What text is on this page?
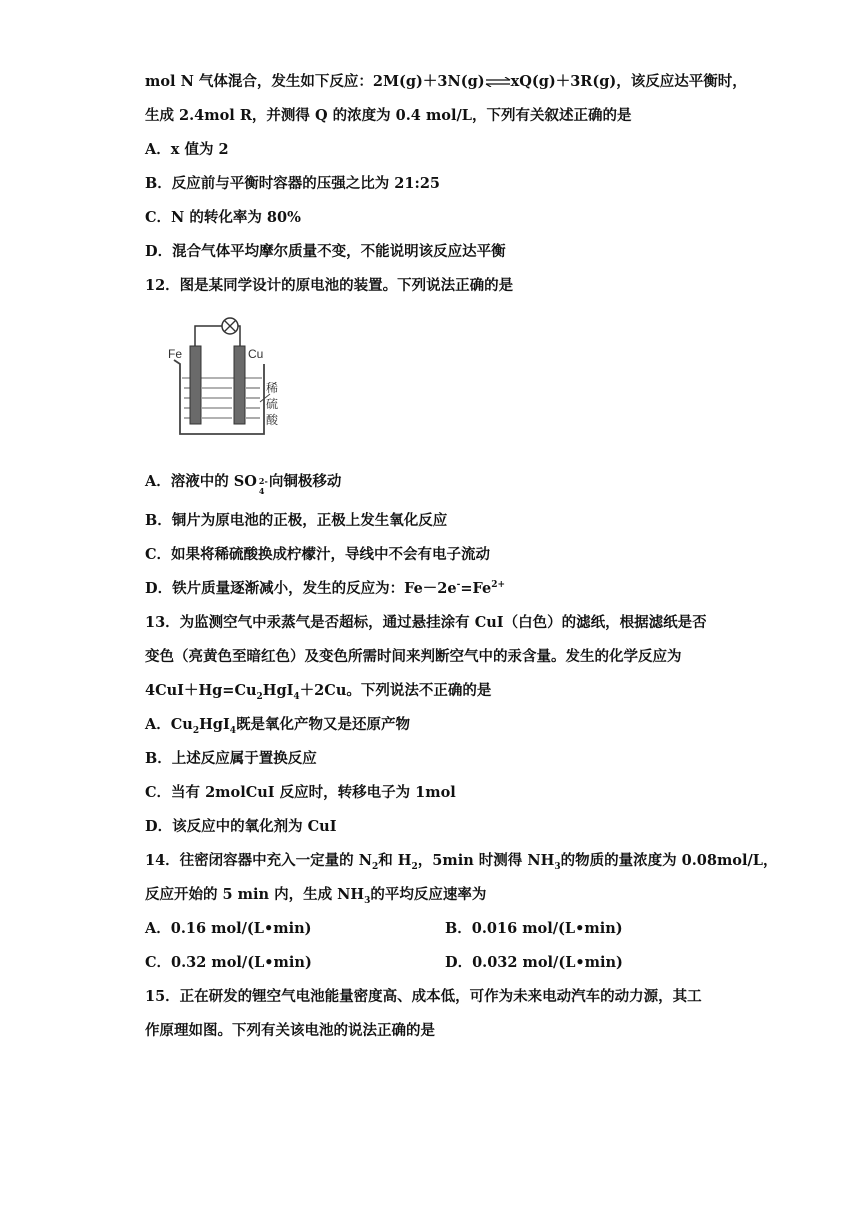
mol N 气体混合，发生如下反应：2M(g)＋3N(g)⇌xQ(g)＋3R(g)，该反应达平衡时，
生成 2.4mol R，并测得 Q 的浓度为 0.4 mol/L，下列有关叙述正确的是
A．x 值为 2
B．反应前与平衡时容器的压强之比为 21:25
C．N 的转化率为 80%
D．混合气体平均摩尔质量不变，不能说明该反应达平衡
12．图是某同学设计的原电池的装置。下列说法正确的是
Fe	Cu
稀
硫
酸
A．溶液中的 SO 2-
4
向铜极移动
B．铜片为原电池的正极，正极上发生氧化反应
C．如果将稀硫酸换成柠檬汁，导线中不会有电子流动
D．铁片质量逐渐减小，发生的反应为：$Fe-2e^-=Fe^{2+}$
13．为监测空气中汞蒸气是否超标，通过悬挂涂有 CuI（白色）的滤纸，根据滤纸是否
变色（亮黄色至暗红色）及变色所需时间来判断空气中的汞含量。发生的化学反应为
$4CuI+Hg=Cu_2HgI_4+2Cu$。下列说法不正确的是
A．$Cu_2HgI_4$既是氧化产物又是还原产物
B．上述反应属于置换反应
C．当有 2molCuI 反应时，转移电子为 1mol
D．该反应中的氧化剂为 CuI
14．往密闭容器中充入一定量的 $N_2$和 $H_2$，5min 时测得 $NH_3$的物质的量浓度为 0.08mol/L，
反应开始的 5 min 内，生成 $NH_3$的平均反应速率为
A．0.16 mol/(L•min)	B．0.016 mol/(L•min)
C．0.32 mol/(L•min)	D．0.032 mol/(L•min)
15．正在研发的锂空气电池能量密度高、成本低，可作为未来电动汽车的动力源，其工
作原理如图。下列有关该电池的说法正确的是
